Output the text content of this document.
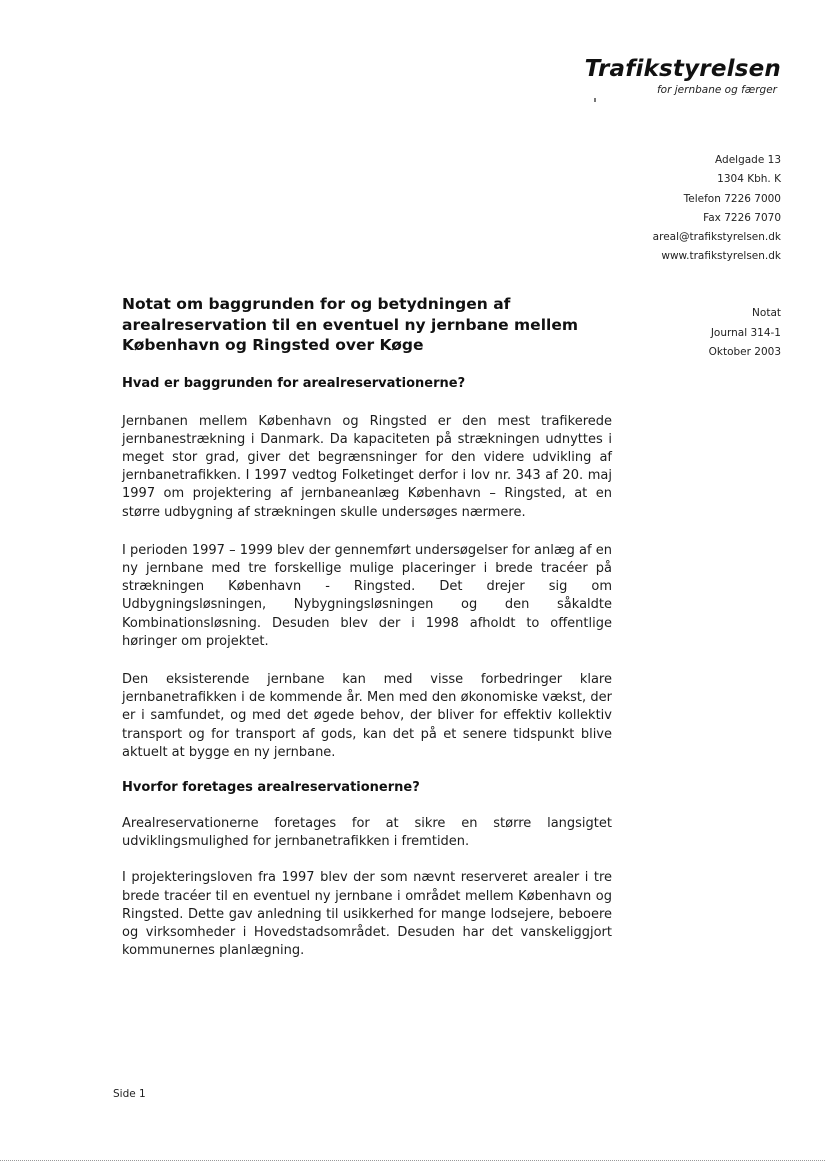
Trafikstyrelsen
for jernbane og færger
Adelgade 13
1304 Kbh. K
Telefon 7226 7000
Fax 7226 7070
areal@trafikstyrelsen.dk
www.trafikstyrelsen.dk
Notat
Journal 314-1
Oktober 2003
Notat om baggrunden for og betydningen af arealreservation til en eventuel ny jernbane mellem København og Ringsted over Køge
Hvad er baggrunden for arealreservationerne?

Jernbanen mellem København og Ringsted er den mest trafikerede jernbanestrækning i Danmark. Da kapaciteten på strækningen udnyttes i meget stor grad, giver det begrænsninger for den videre udvikling af jernbanetrafikken. I 1997 vedtog Folketinget derfor i lov nr. 343 af 20. maj 1997 om projektering af jernbaneanlæg København – Ringsted, at en større udbygning af strækningen skulle undersøges nærmere.

I perioden 1997 – 1999 blev der gennemført undersøgelser for anlæg af en ny jernbane med tre forskellige mulige placeringer i brede tracéer på strækningen København - Ringsted. Det drejer sig om Udbygningsløsningen, Nybygningsløsningen og den såkaldte Kombinationsløsning. Desuden blev der i 1998 afholdt to offentlige høringer om projektet.

Den eksisterende jernbane kan med visse forbedringer klare jernbanetrafikken i de kommende år. Men med den økonomiske vækst, der er i samfundet, og med det øgede behov, der bliver for effektiv kollektiv transport og for transport af gods, kan det på et senere tidspunkt blive aktuelt at bygge en ny jernbane.

Hvorfor foretages arealreservationerne?

Arealreservationerne foretages for at sikre en større langsigtet udviklingsmulighed for jernbanetrafikken i fremtiden.

I projekteringsloven fra 1997 blev der som nævnt reserveret arealer i tre brede tracéer til en eventuel ny jernbane i området mellem København og Ringsted. Dette gav anledning til usikkerhed for mange lodsejere, beboere og virksomheder i Hovedstadsområdet. Desuden har det vanskeliggjort kommunernes planlægning.

Side 1
